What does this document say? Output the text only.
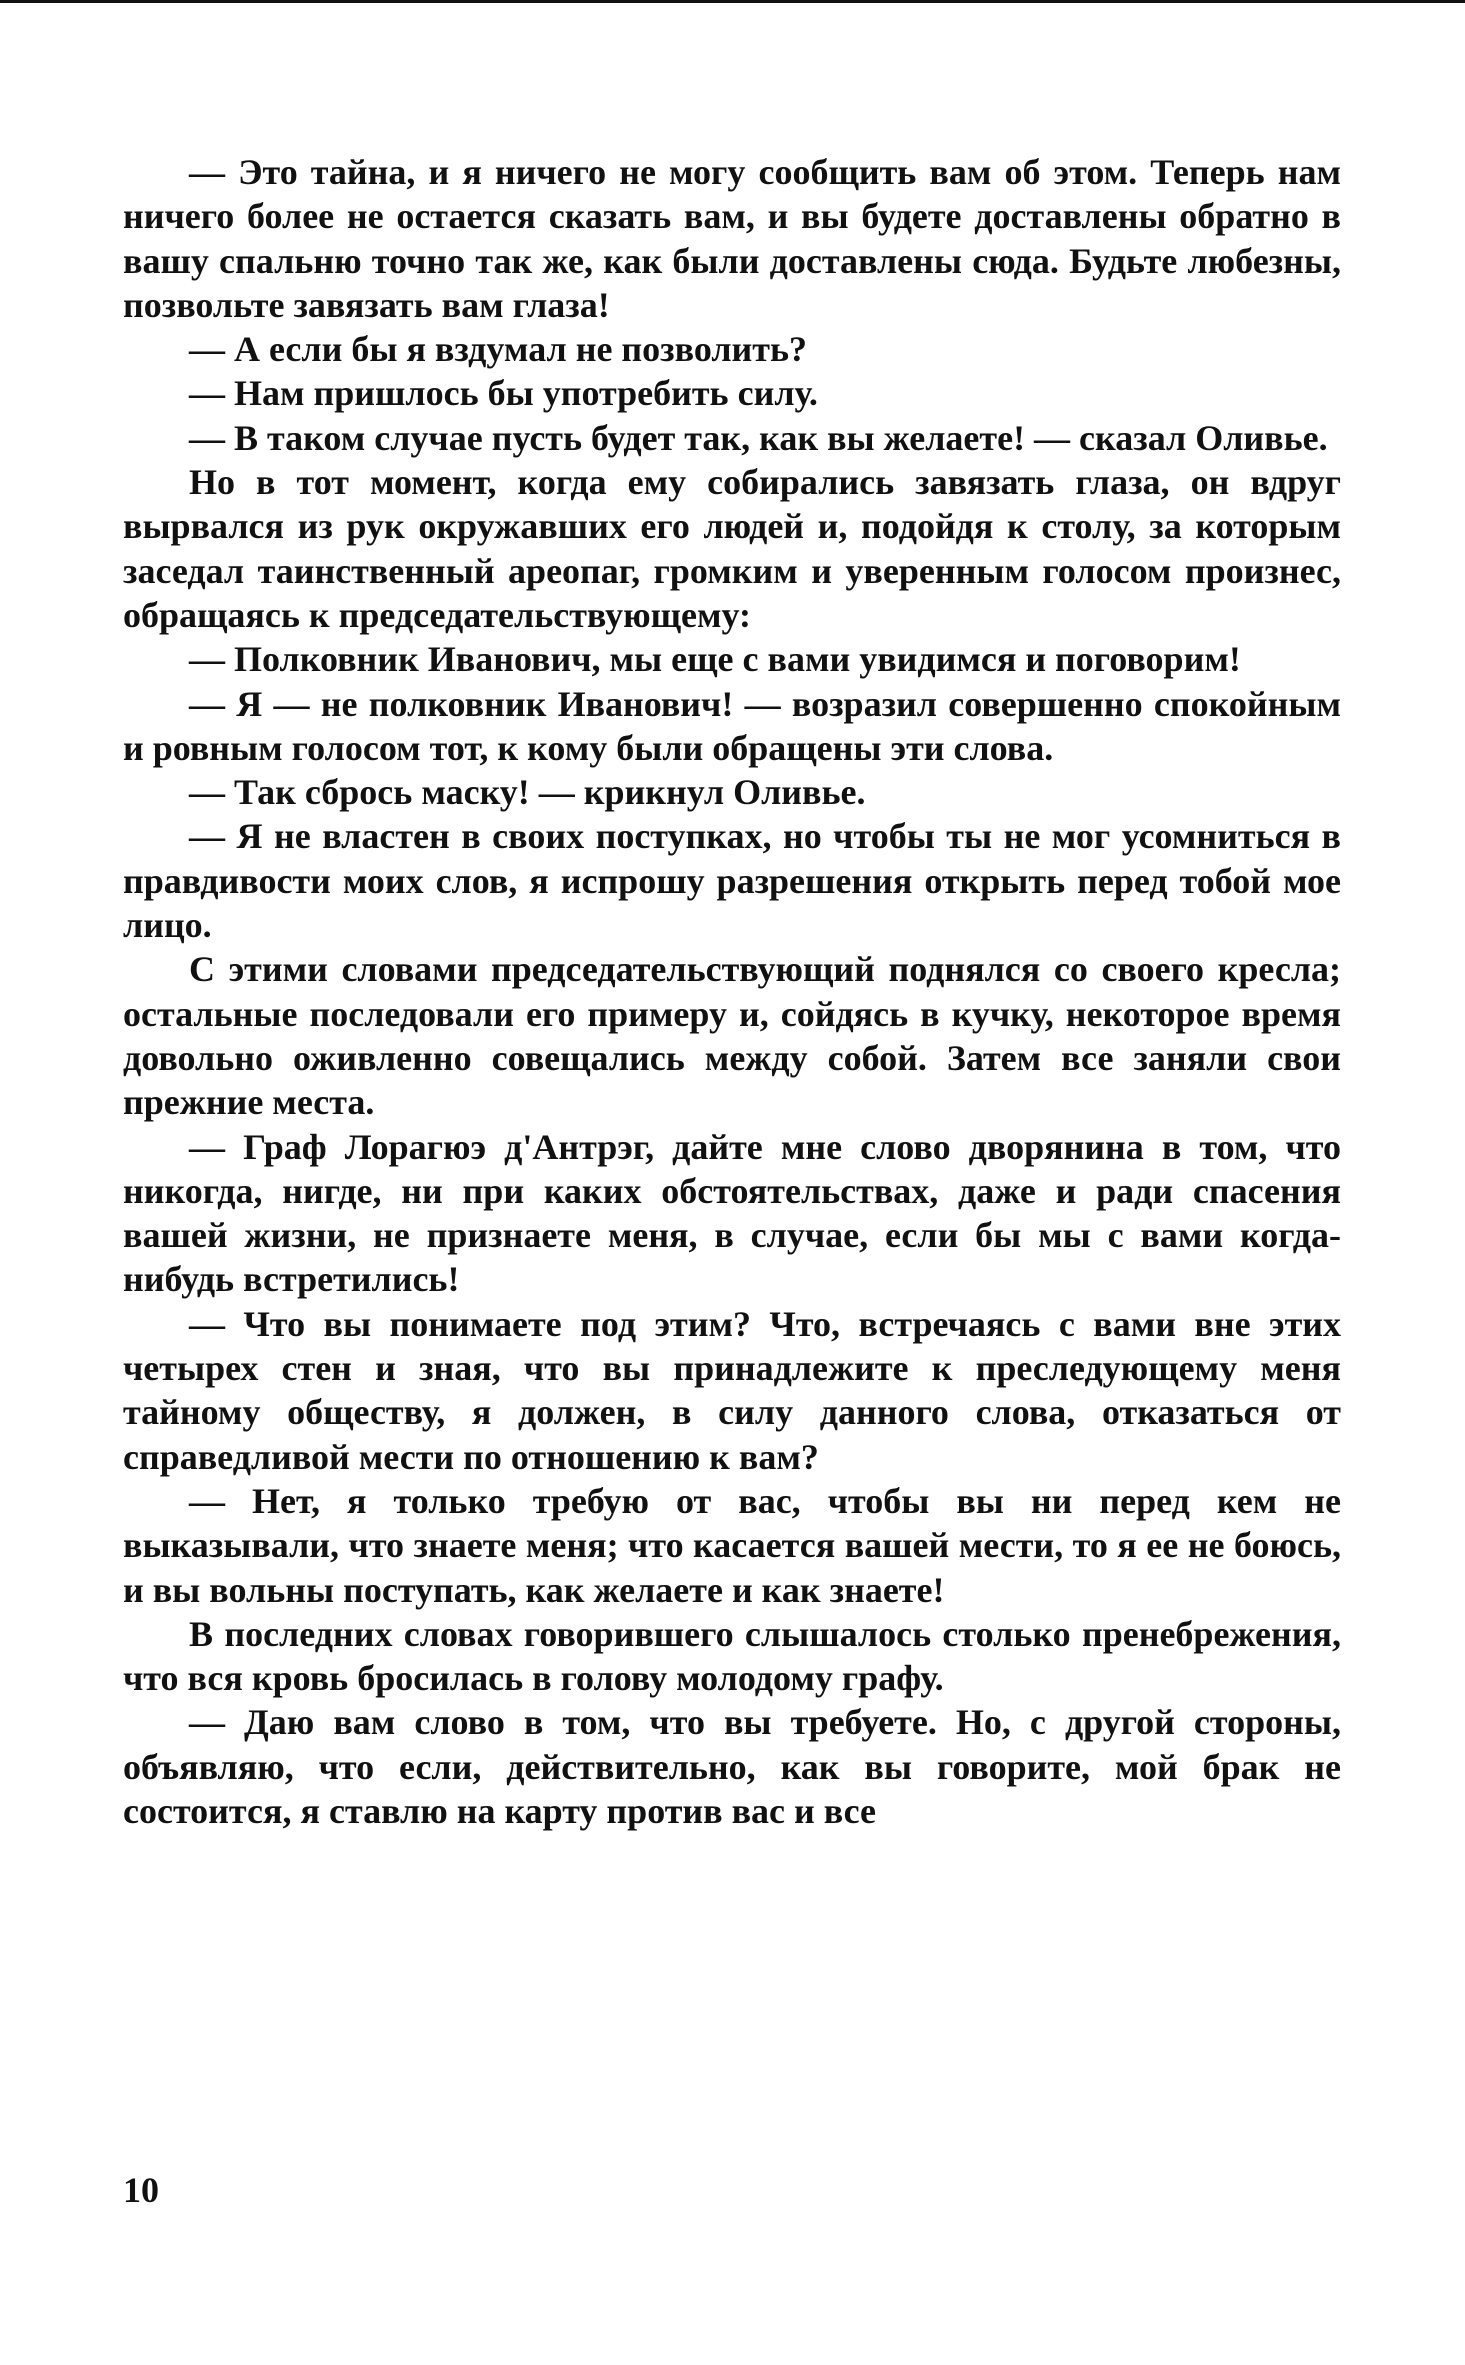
— Это тайна, и я ничего не могу сообщить вам об этом. Теперь нам ничего более не остается сказать вам, и вы будете доставлены обратно в вашу спальню точно так же, как были доставлены сюда. Будьте любезны, позвольте завязать вам глаза!

— А если бы я вздумал не позволить?

— Нам пришлось бы употребить силу.

— В таком случае пусть будет так, как вы желаете! — сказал Оливье.

Но в тот момент, когда ему собирались завязать глаза, он вдруг вырвался из рук окружавших его людей и, подойдя к столу, за которым заседал таинственный ареопаг, громким и уверенным голосом произнес, обращаясь к председательствующему:

— Полковник Иванович, мы еще с вами увидимся и поговорим!

— Я — не полковник Иванович! — возразил совершенно спокойным и ровным голосом тот, к кому были обращены эти слова.

— Так сбрось маску! — крикнул Оливье.

— Я не властен в своих поступках, но чтобы ты не мог усомниться в правдивости моих слов, я испрошу разрешения открыть перед тобой мое лицо.

С этими словами председательствующий поднялся со своего кресла; остальные последовали его примеру и, сойдясь в кучку, некоторое время довольно оживленно совещались между собой. Затем все заняли свои прежние места.

— Граф Лорагюэ д'Антрэг, дайте мне слово дворянина в том, что никогда, нигде, ни при каких обстоятельствах, даже и ради спасения вашей жизни, не признаете меня, в случае, если бы мы с вами когда-нибудь встретились!

— Что вы понимаете под этим? Что, встречаясь с вами вне этих четырех стен и зная, что вы принадлежите к преследующему меня тайному обществу, я должен, в силу данного слова, отказаться от справедливой мести по отношению к вам?

— Нет, я только требую от вас, чтобы вы ни перед кем не выказывали, что знаете меня; что касается вашей мести, то я ее не боюсь, и вы вольны поступать, как желаете и как знаете!

В последних словах говорившего слышалось столько пренебрежения, что вся кровь бросилась в голову молодому графу.

— Даю вам слово в том, что вы требуете. Но, с другой стороны, объявляю, что если, действительно, как вы говорите, мой брак не состоится, я ставлю на карту против вас и все

10
